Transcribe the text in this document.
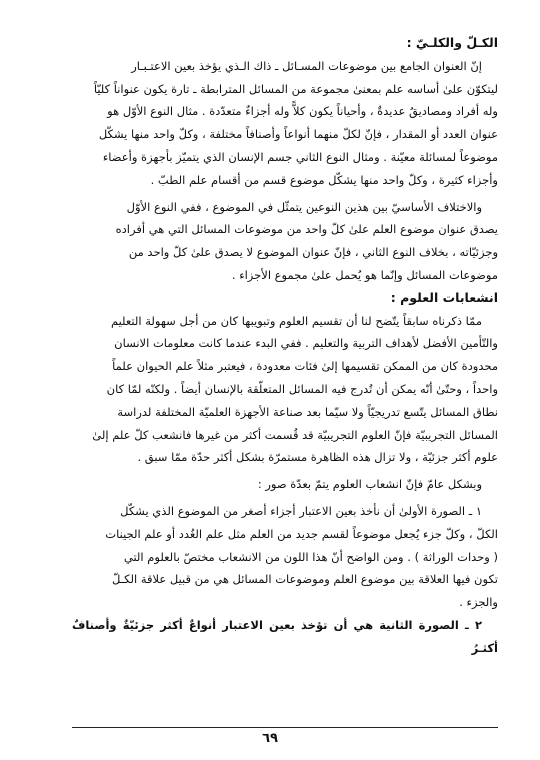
الكـلّ والكلـيّ :

إنّ العنوان الجامع بين موضوعات المسـائل ـ ذاك الـذي يؤخذ بعين الاعتـبـار

ليتكوّن علىٰ أساسه علم بمعنىٰ مجموعة من المسائل المترابطة ـ تارة يكون عنواناً كليّاً

وله أفراد ومصاديقُ عديدةٌ ، وأحياناً يكون كلاًّ وله أجزاءٌ متعدّدة . مثال النوع الأوّل هو

عنوان العدد أو المقدار ، فإنّ لكلّ منهما أنواعاً وأصنافاً مختلفة ، وكلّ واحد منها يشكّل

موضوعاً لمسائلة معيّنة . ومثال النوع الثاني جسم الإنسان الذي يتميّز بأجهزة وأعضاء

وأجزاء كثيرة ، وكلّ واحد منها يشكّل موضوع قسم من أقسام علم الطبّ .

والاختلاف الأساسيّ بين هذين النوعين يتمثّل في الموضوع ، ففي النوع الأوّل

يصدق عنوان موضوع العلم علىٰ كلّ واحد من موضوعات المسائل التي هي أفراده

وجزئيّاته ، بخلاف النوع الثاني ، فإنّ عنوان الموضوع لا يصدق علىٰ كلّ واحد من

موضوعات المسائل وإنّما هو يُحمل علىٰ مجموع الأجزاء .

انشعابات العلوم :

ممّا ذكرناه سابقاً يتّضح لنا أن تقسيم العلوم وتبويبها كان من أجل سهولة التعليم

والتّأمين الأفضل لأهداف التربية والتعليم . ففي البدء عندما كانت معلومات الانسان

محدودة كان من الممكن تقسيمها إلىٰ فئات معدودة ، فيعتبر مثلاً علم الحيوان علماً

واحداً ، وحتّىٰ أنّه يمكن أن تُدرج فيه المسائل المتعلّقة بالإنسان أيضاً . ولكنّه لمّا كان

نطاق المسائل يتّسع تدريجيّاً ولا سيّما بعد صناعة الأجهزة العلميّة المختلفة لدراسة

المسائل التجريبيّة فإنّ العلوم التجريبيّة قد قُسمت أكثر من غيرها فانشعب كلّ علم إلىٰ

علوم أكثر جزئيّة ، ولا تزال هذه الظاهرة مستمرّة بشكل أكثر حدّة ممّا سبق .

وبشكل عامّ فإنّ انشعاب العلوم يتمّ بعدّة صور :

١ ـ الصورة الأولىٰ أن نأخذ بعين الاعتبار أجزاء أصغر من الموضوع الذي يشكّل

الكلّ ، وكلّ جزء يُجعل موضوعاً لقسم جديد من العلم مثل علم الغُدد أو علم الجينات

( وحدات الوراثة ) . ومن الواضح أنّ هذا اللون من الانشعاب مختصّ بالعلوم التي

تكون فيها العلاقة بين موضوع العلم وموضوعات المسائل هي من قبيل علاقة الكـلّ

والجزء .

٢ ـ الصورة الثانية هي أن تؤخذ بعين الاعتبار أنواعٌ أكثر جزئيّةٌ وأصنافٌ أكثـرُ

٦٩
